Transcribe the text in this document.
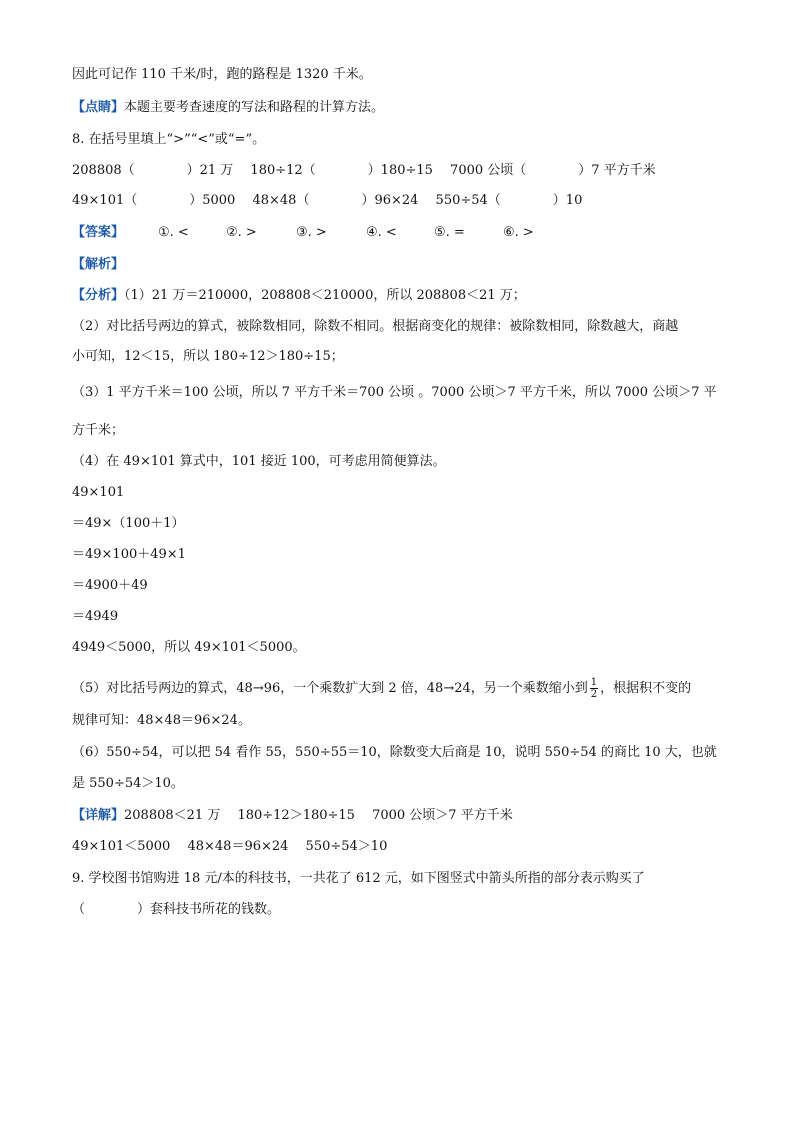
因此可记作 110 千米/时，跑的路程是 1320 千米。
【点睛】本题主要考查速度的写法和路程的计算方法。
8. 在括号里填上“>”“<”或“=”。
208808（　　　　）21 万　 180÷12（　　　　）180÷15　 7000 公顷（　　　　）7 平方千米
49×101（　　　　）5000　 48×48（　　　　）96×24　 550÷54（　　　　）10
【答案】	①. <	②. >	③. >	④. <	⑤. =	⑥. >
【解析】
【分析】（1）21 万＝210000，208808＜210000，所以 208808＜21 万；
（2）对比括号两边的算式，被除数相同，除数不相同。根据商变化的规律：被除数相同，除数越大，商越
小可知，12＜15，所以 180÷12＞180÷15；
（3）1 平方千米＝100 公顷，所以 7 平方千米＝700 公顷 。7000 公顷＞7 平方千米，所以 7000 公顷＞7 平
方千米；
（4）在 49×101 算式中，101 接近 100，可考虑用简便算法。
49×101
＝49×（100＋1）
＝49×100＋49×1
＝4900＋49
＝4949
4949＜5000，所以 49×101＜5000。
（5）对比括号两边的算式，48→96，一个乘数扩大到 2 倍，48→24，另一个乘数缩小到 $\frac{1}{2}$ ，根据积不变的
规律可知：48×48＝96×24。
（6）550÷54，可以把 54 看作 55，550÷55＝10，除数变大后商是 10，说明 550÷54 的商比 10 大，也就
是 550÷54＞10。
【详解】208808＜21 万　 180÷12＞180÷15　 7000 公顷＞7 平方千米
49×101＜5000　 48×48＝96×24　 550÷54＞10
9. 学校图书馆购进 18 元/本的科技书，一共花了 612 元，如下图竖式中箭头所指的部分表示购买了
（　　　　）套科技书所花的钱数。
